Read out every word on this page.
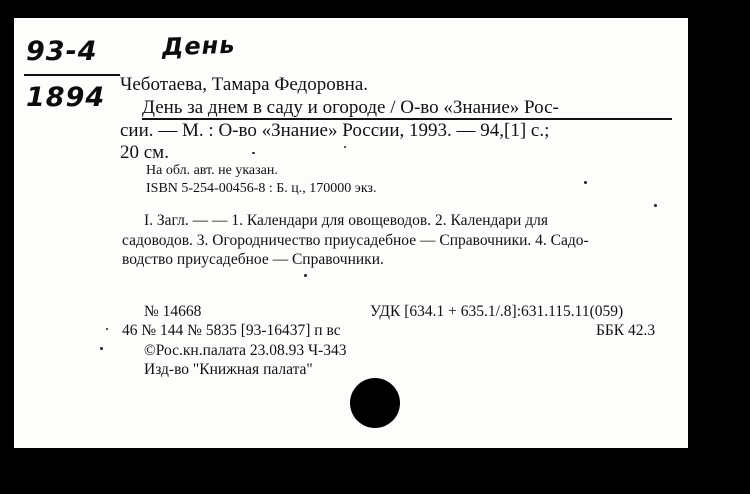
93-4
1894
День
Чеботаева, Тамара Федоровна.
День за днем в саду и огороде / О-во «Знание» Рос-
сии. — М. : О-во «Знание» России, 1993. — 94,[1] с.;
20 см.
На обл. авт. не указан.
ISBN 5-254-00456-8 : Б. ц., 170000 экз.
I. Загл. — — 1. Календари для овощеводов. 2. Календари для
садоводов. 3. Огородничество приусадебное — Справочники. 4. Садо-
водство приусадебное — Справочники.
№ 14668	УДК [634.1 + 635.1/.8]:631.115.11(059)
46 № 144 № 5835 [93-16437] п вс	ББК 42.3
©Рос.кн.палата 23.08.93 Ч-343
Изд-во "Книжная палата"
